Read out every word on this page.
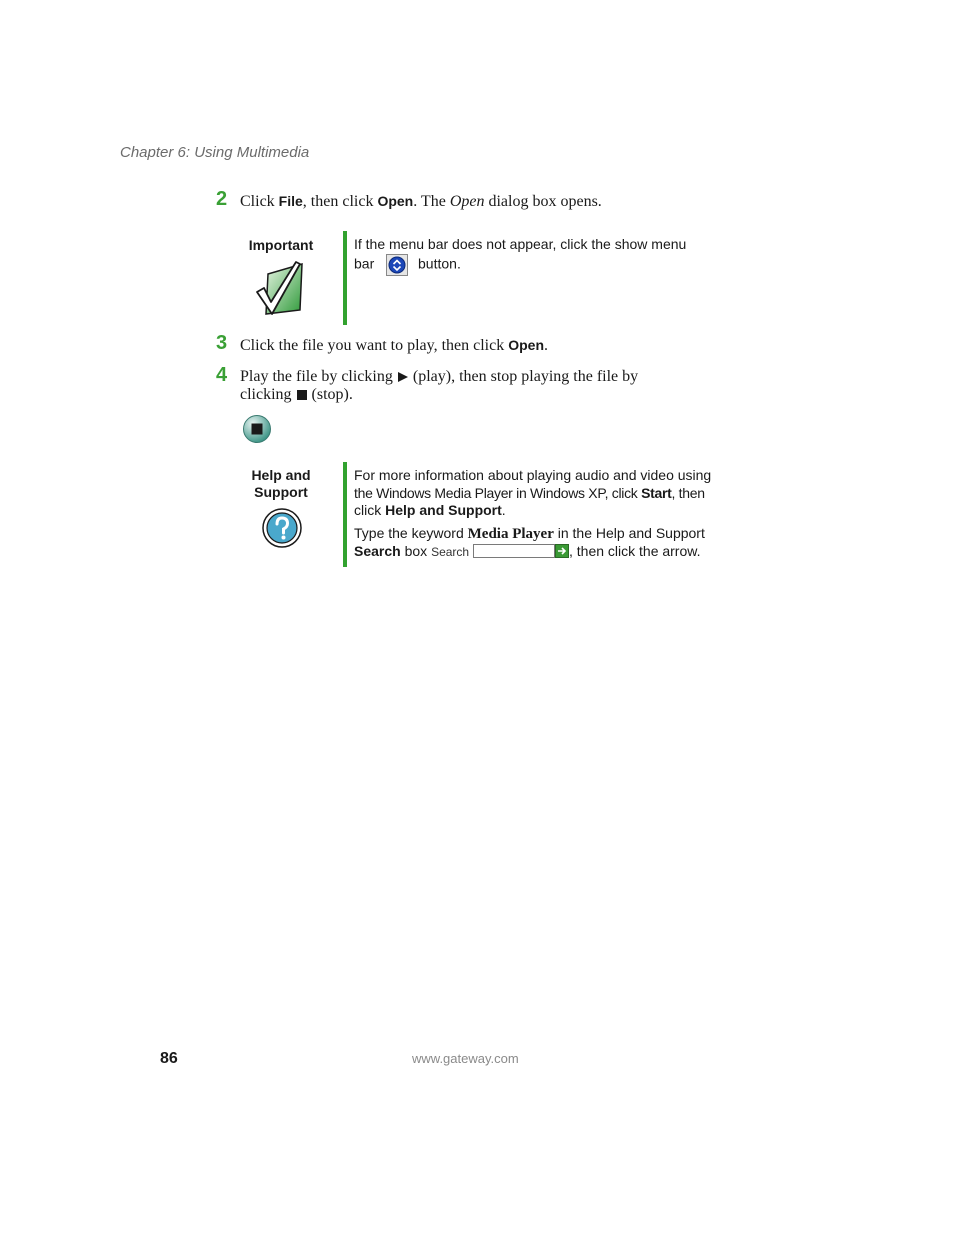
Chapter 6: Using Multimedia
2 Click File, then click Open. The Open dialog box opens.
Important	If the menu bar does not appear, click the show menu
bar	button.
3 Click the file you want to play, then click Open.
4 Play the file by clicking  (play), then stop playing the file by
clicking  (stop).
Help and
Support
For more information about playing audio and video using
the Windows Media Player in Windows XP, click Start, then
click Help and Support.
Type the keyword Media Player in the Help and Support
Search box Search	, then click the arrow.
86	www.gateway.com
